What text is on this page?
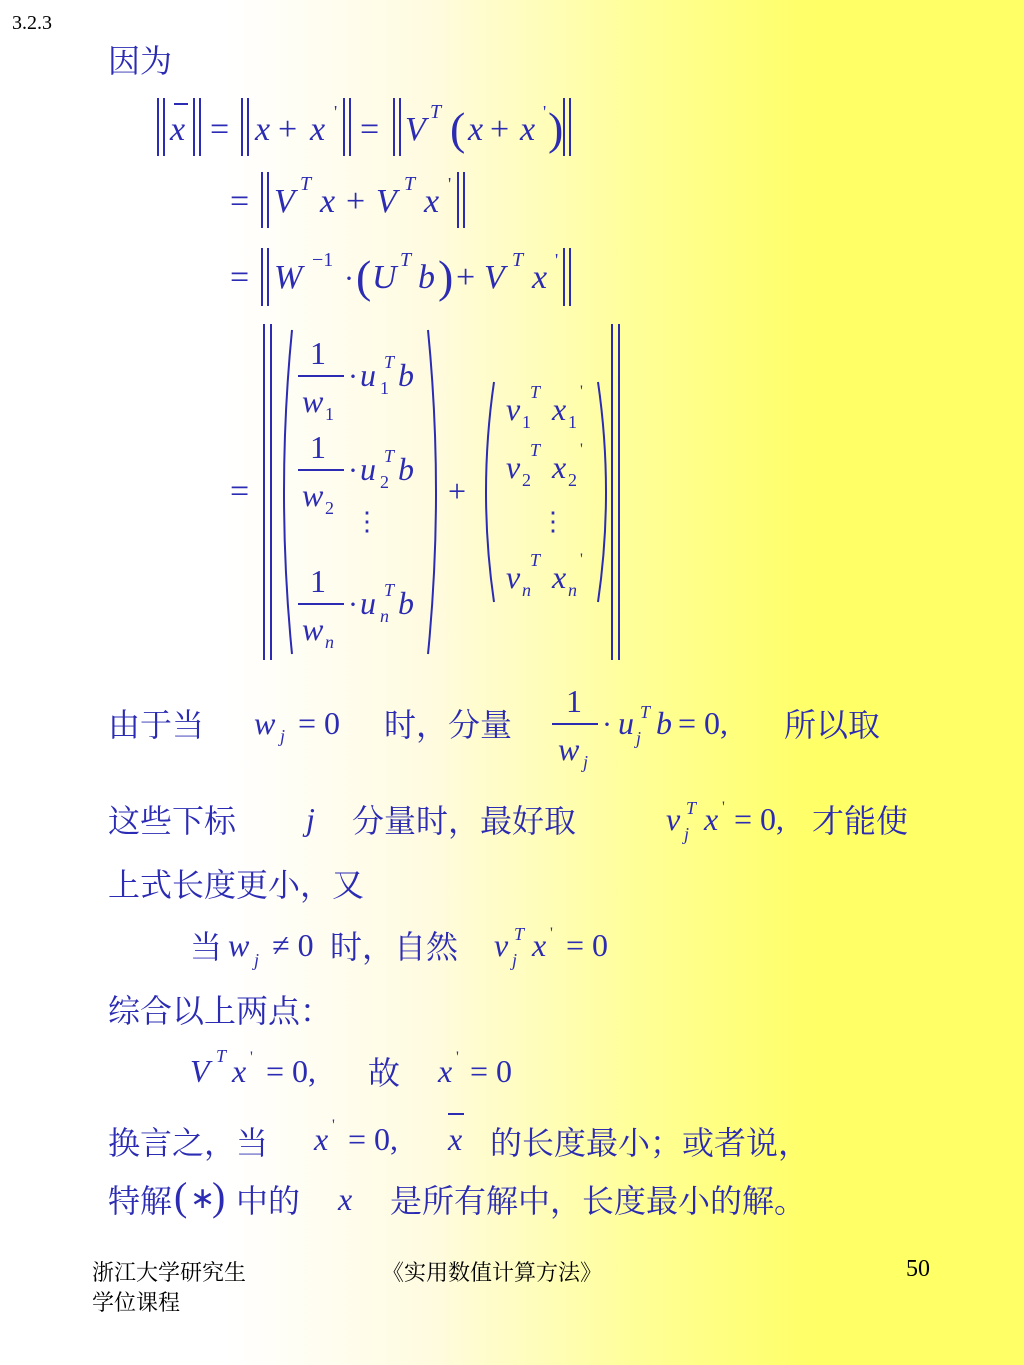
3.2.3
因为
x = x + x ' = V T ( x + x ' )
= V T x + V T x '
= W −1
· ( U T b ) + V T x '
=
1
w 1
· u 1
T b
1
w 2
· u 2
T b
⋮
1
w n
· u n
T b
+
v 1
T x 1
'
v 2
T x 2
'
⋮
v n
T x n
'
由于当 w j = 0 时，分量
1
w j
· u j
T b = 0, 所以取
这些下标 j 分量时，最好取	v j
T x ' = 0, 才能使
上式长度更小，又
当 w j ≠ 0 时，自然 v j
T x ' = 0
综合以上两点：
V T x ' = 0, 故 x ' = 0
换言之，当 x ' = 0, x 的长度最小；或者说，
特解 ( ∗
) 中的 x 是所有解中，长度最小的解。
浙江大学研究生
学位课程
《实用数值计算方法》	50
